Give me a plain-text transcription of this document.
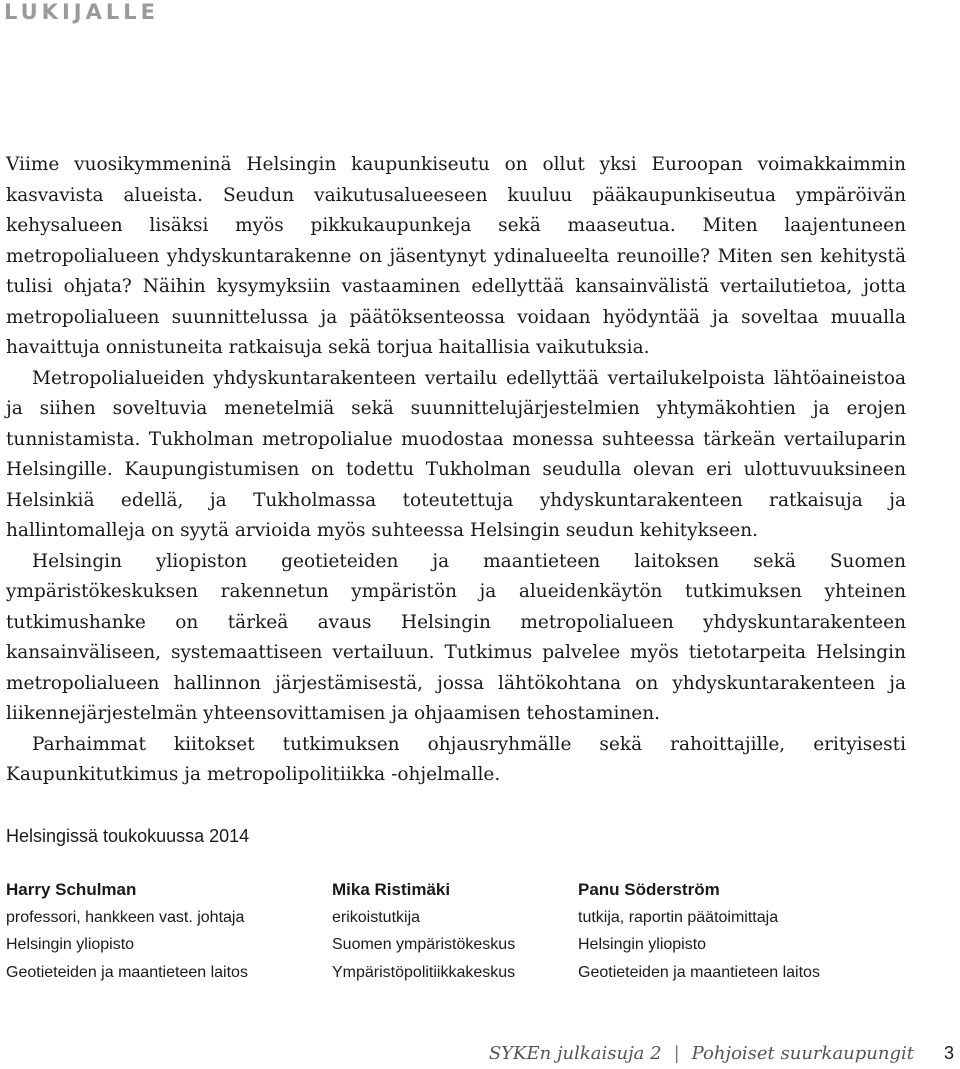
LUKIJALLE

Viime vuosikymmeninä Helsingin kaupunkiseutu on ollut yksi Euroopan voimakkaimmin kasvavista alueista. Seudun vaikutusalueeseen kuuluu pääkaupunkiseutua ympäröivän kehysalueen lisäksi myös pikkukaupunkeja sekä maaseutua. Miten laajentuneen metropolialueen yhdyskuntarakenne on jäsentynyt ydinalueelta reunoille? Miten sen kehitystä tulisi ohjata? Näihin kysymyksiin vastaaminen edellyttää kansainvälistä vertailutietoa, jotta metropolialueen suunnittelussa ja päätöksenteossa voidaan hyödyntää ja soveltaa muualla havaittuja onnistuneita ratkaisuja sekä torjua haitallisia vaikutuksia.

Metropolialueiden yhdyskuntarakenteen vertailu edellyttää vertailukelpoista lähtöaineistoa ja siihen soveltuvia menetelmiä sekä suunnittelujärjestelmien yhtymäkohtien ja erojen tunnistamista. Tukholman metropolialue muodostaa monessa suhteessa tärkeän vertailuparin Helsingille. Kaupungistumisen on todettu Tukholman seudulla olevan eri ulottuvuuksineen Helsinkiä edellä, ja Tukholmassa toteutettuja yhdyskuntarakenteen ratkaisuja ja hallintomalleja on syytä arvioida myös suhteessa Helsingin seudun kehitykseen.

Helsingin yliopiston geotieteiden ja maantieteen laitoksen sekä Suomen ympäristökeskuksen rakennetun ympäristön ja alueidenkäytön tutkimuksen yhteinen tutkimushanke on tärkeä avaus Helsingin metropolialueen yhdyskuntarakenteen kansainväliseen, systemaattiseen vertailuun. Tutkimus palvelee myös tietotarpeita Helsingin metropolialueen hallinnon järjestämisestä, jossa lähtökohtana on yhdyskuntarakenteen ja liikennejärjestelmän yhteensovittamisen ja ohjaamisen tehostaminen.

Parhaimmat kiitokset tutkimuksen ohjausryhmälle sekä rahoittajille, erityisesti Kaupunkitutkimus ja metropolipolitiikka -ohjelmalle.

Helsingissä toukokuussa 2014
Harry Schulman
professori, hankkeen vast. johtaja
Helsingin yliopisto
Geotieteiden ja maantieteen laitos
Mika Ristimäki
erikoistutkija
Suomen ympäristökeskus
Ympäristöpolitiikkakeskus
Panu Söderström
tutkija, raportin päätoimittaja
Helsingin yliopisto
Geotieteiden ja maantieteen laitos
SYKEn julkaisuja 2 | Pohjoiset suurkaupungit 3
